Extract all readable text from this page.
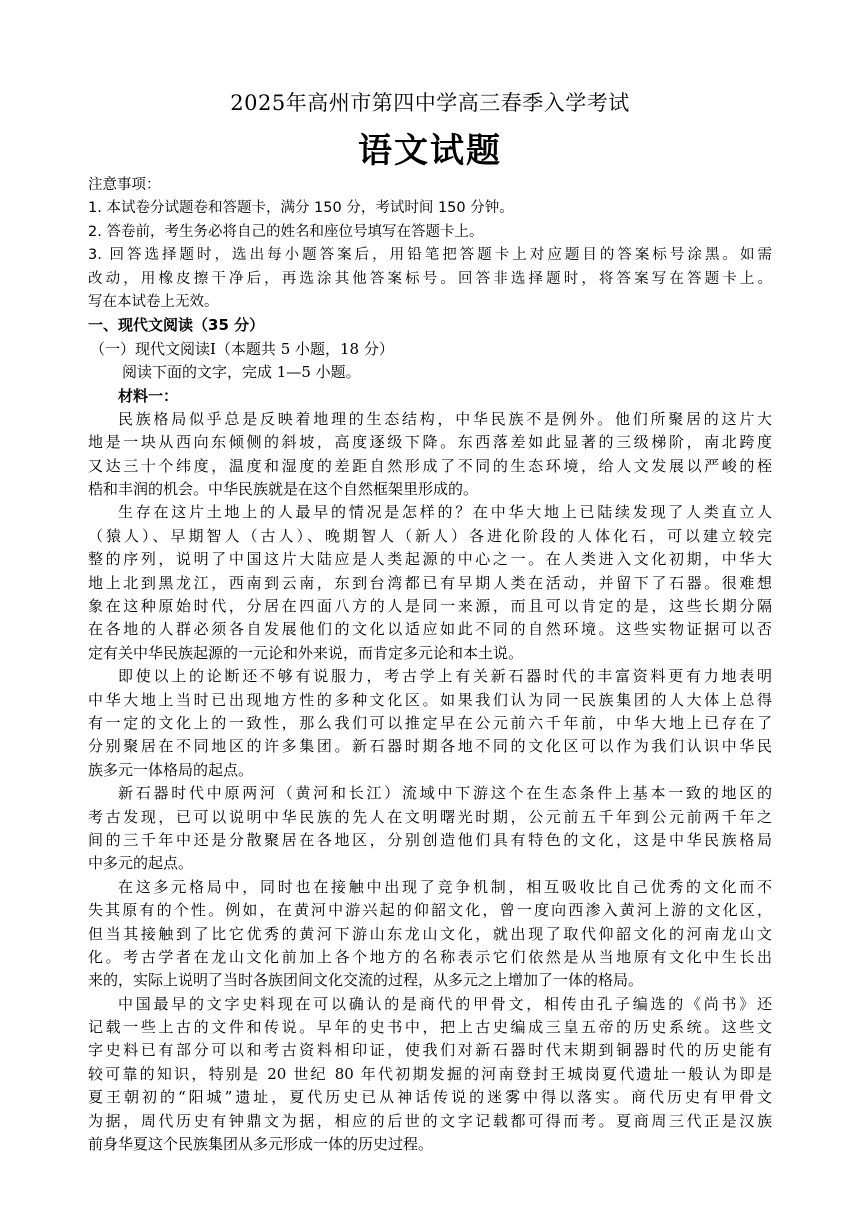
2025年高州市第四中学高三春季入学考试
语文试题
注意事项：
1. 本试卷分试题卷和答题卡，满分 150 分，考试时间 150 分钟。
2. 答卷前，考生务必将自己的姓名和座位号填写在答题卡上。
3. 回答选择题时，选出每小题答案后，用铅笔把答题卡上对应题目的答案标号涂黑。如需
改动，用橡皮擦干净后，再选涂其他答案标号。回答非选择题时，将答案写在答题卡上。
写在本试卷上无效。
一、现代文阅读（35 分）
（一）现代文阅读Ⅰ（本题共 5 小题，18 分）
阅读下面的文字，完成 1—5 小题。
材料一：
民族格局似乎总是反映着地理的生态结构，中华民族不是例外。他们所聚居的这片大
地是一块从西向东倾侧的斜坡，高度逐级下降。东西落差如此显著的三级梯阶，南北跨度
又达三十个纬度，温度和湿度的差距自然形成了不同的生态环境，给人文发展以严峻的桎
梏和丰润的机会。中华民族就是在这个自然框架里形成的。
生存在这片土地上的人最早的情况是怎样的？在中华大地上已陆续发现了人类直立人
（猿人）、早期智人（古人）、晚期智人（新人）各进化阶段的人体化石，可以建立较完
整的序列，说明了中国这片大陆应是人类起源的中心之一。在人类进入文化初期，中华大
地上北到黑龙江，西南到云南，东到台湾都已有早期人类在活动，并留下了石器。很难想
象在这种原始时代，分居在四面八方的人是同一来源，而且可以肯定的是，这些长期分隔
在各地的人群必须各自发展他们的文化以适应如此不同的自然环境。这些实物证据可以否
定有关中华民族起源的一元论和外来说，而肯定多元论和本土说。
即使以上的论断还不够有说服力，考古学上有关新石器时代的丰富资料更有力地表明
中华大地上当时已出现地方性的多种文化区。如果我们认为同一民族集团的人大体上总得
有一定的文化上的一致性，那么我们可以推定早在公元前六千年前，中华大地上已存在了
分别聚居在不同地区的许多集团。新石器时期各地不同的文化区可以作为我们认识中华民
族多元一体格局的起点。
新石器时代中原两河（黄河和长江）流域中下游这个在生态条件上基本一致的地区的
考古发现，已可以说明中华民族的先人在文明曙光时期，公元前五千年到公元前两千年之
间的三千年中还是分散聚居在各地区，分别创造他们具有特色的文化，这是中华民族格局
中多元的起点。
在这多元格局中，同时也在接触中出现了竞争机制，相互吸收比自己优秀的文化而不
失其原有的个性。例如，在黄河中游兴起的仰韶文化，曾一度向西渗入黄河上游的文化区，
但当其接触到了比它优秀的黄河下游山东龙山文化，就出现了取代仰韶文化的河南龙山文
化。考古学者在龙山文化前加上各个地方的名称表示它们依然是从当地原有文化中生长出
来的，实际上说明了当时各族团间文化交流的过程，从多元之上增加了一体的格局。
中国最早的文字史料现在可以确认的是商代的甲骨文，相传由孔子编选的《尚书》还
记载一些上古的文件和传说。早年的史书中，把上古史编成三皇五帝的历史系统。这些文
字史料已有部分可以和考古资料相印证，使我们对新石器时代末期到铜器时代的历史能有
较可靠的知识，特别是 20 世纪 80 年代初期发掘的河南登封王城岗夏代遗址一般认为即是
夏王朝初的“阳城”遗址，夏代历史已从神话传说的迷雾中得以落实。商代历史有甲骨文
为据，周代历史有钟鼎文为据，相应的后世的文字记载都可得而考。夏商周三代正是汉族
前身华夏这个民族集团从多元形成一体的历史过程。
